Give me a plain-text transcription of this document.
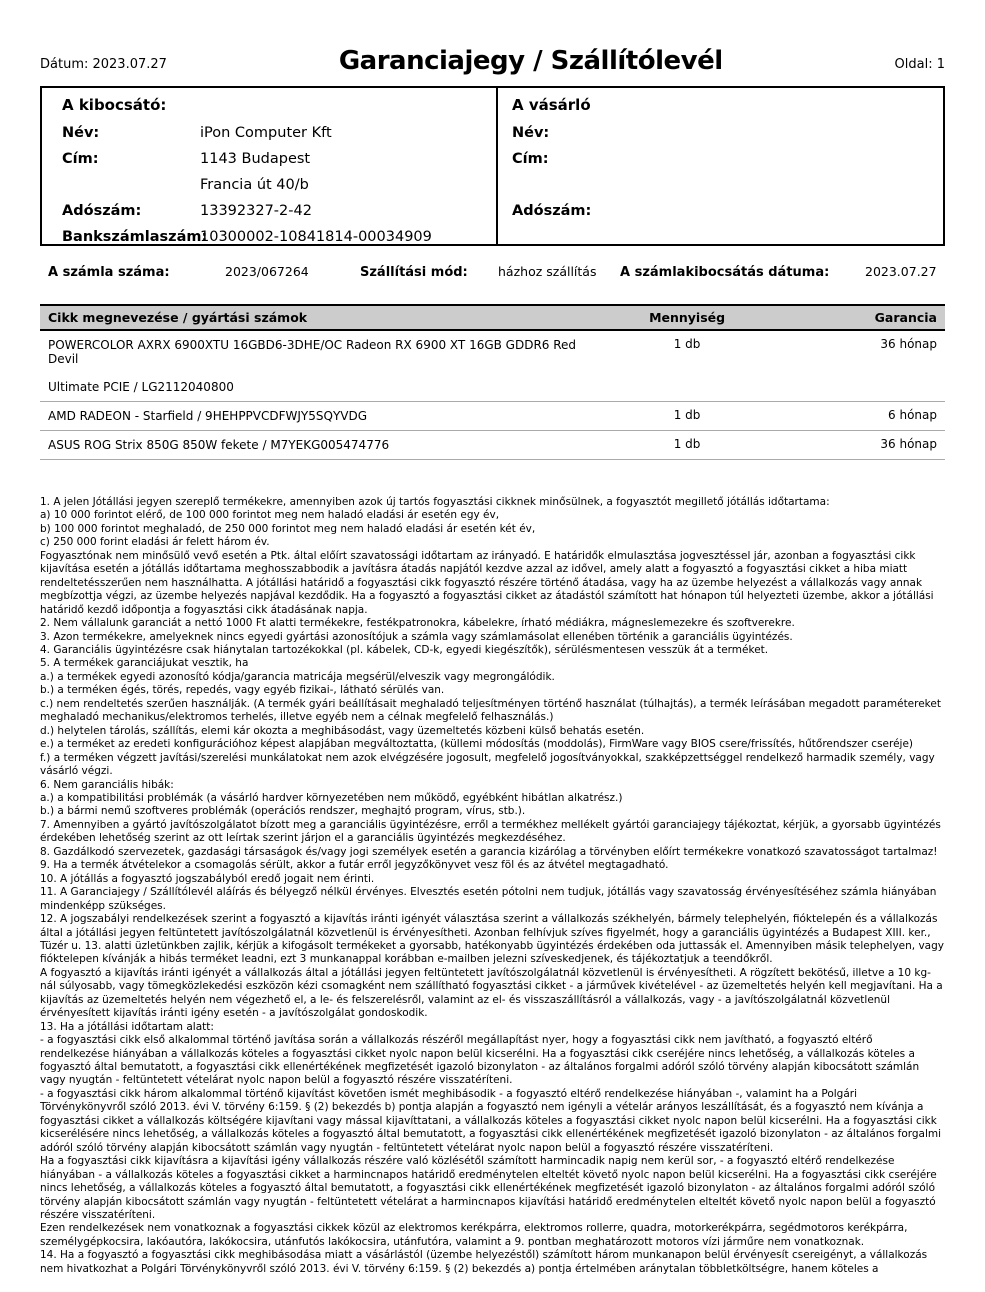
Dátum: 2023.07.27	Garanciajegy / Szállítólevél	Oldal: 1
A kibocsátó:
Név:	iPon Computer Kft
Cím:	1143 Budapest
Francia út 40/b
Adószám:	13392327-2-42
Bankszámlaszám:
10300002-10841814-00034909
A vásárló
Név:
Cím:
Adószám:
A számla száma:	2023/067264	Szállítási mód:	házhoz szállítás	A számlakibocsátás dátuma:	2023.07.27
Cikk megnevezése / gyártási számok	Mennyiség	Garancia

POWERCOLOR AXRX 6900XTU 16GBD6-3DHE/OC Radeon RX 6900 XT 16GB GDDR6 Red Devil
Ultimate PCIE / LG2112040800	1 db	36 hónap

AMD RADEON - Starfield / 9HEHPPVCDFWJY5SQYVDG	1 db	6 hónap

ASUS ROG Strix 850G 850W fekete / M7YEKG005474776	1 db	36 hónap

1. A jelen Jótállási jegyen szereplő termékekre, amennyiben azok új tartós fogyasztási cikknek minősülnek, a fogyasztót megillető jótállás időtartama:

a) 10 000 forintot elérő, de 100 000 forintot meg nem haladó eladási ár esetén egy év,

b) 100 000 forintot meghaladó, de 250 000 forintot meg nem haladó eladási ár esetén két év,

c) 250 000 forint eladási ár felett három év.

Fogyasztónak nem minősülő vevő esetén a Ptk. által előírt szavatossági időtartam az irányadó. E határidők elmulasztása jogvesztéssel jár, azonban a fogyasztási cikk kijavítása esetén a jótállás időtartama meghosszabbodik a javításra átadás napjától kezdve azzal az idővel, amely alatt a fogyasztó a fogyasztási cikket a hiba miatt rendeltetésszerűen nem használhatta. A jótállási határidő a fogyasztási cikk fogyasztó részére történő átadása, vagy ha az üzembe helyezést a vállalkozás vagy annak megbízottja végzi, az üzembe helyezés napjával kezdődik. Ha a fogyasztó a fogyasztási cikket az átadástól számított hat hónapon túl helyezteti üzembe, akkor a jótállási határidő kezdő időpontja a fogyasztási cikk átadásának napja.

2. Nem vállalunk garanciát a nettó 1000 Ft alatti termékekre, festékpatronokra, kábelekre, írható médiákra, mágneslemezekre és szoftverekre.

3. Azon termékekre, amelyeknek nincs egyedi gyártási azonosítójuk a számla vagy számlamásolat ellenében történik a garanciális ügyintézés.

4. Garanciális ügyintézésre csak hiánytalan tartozékokkal (pl. kábelek, CD-k, egyedi kiegészítők), sérülésmentesen vesszük át a terméket.

5. A termékek garanciájukat vesztik, ha

a.) a termékek egyedi azonosító kódja/garancia matricája megsérül/elveszik vagy megrongálódik.

b.) a terméken égés, törés, repedés, vagy egyéb fizikai-, látható sérülés van.

c.) nem rendeltetés szerűen használják. (A termék gyári beállításait meghaladó teljesítményen történő használat (túlhajtás), a termék leírásában megadott paramétereket meghaladó mechanikus/elektromos terhelés, illetve egyéb nem a célnak megfelelő felhasználás.)

d.) helytelen tárolás, szállítás, elemi kár okozta a meghibásodást, vagy üzemeltetés közbeni külső behatás esetén.

e.) a terméket az eredeti konfigurációhoz képest alapjában megváltoztatta, (küllemi módosítás (moddolás), FirmWare vagy BIOS csere/frissítés, hűtőrendszer cseréje)

f.) a terméken végzett javítási/szerelési munkálatokat nem azok elvégzésére jogosult, megfelelő jogosítványokkal, szakképzettséggel rendelkező harmadik személy, vagy vásárló végzi.

6. Nem garanciális hibák:

a.) a kompatibilitási problémák (a vásárló hardver környezetében nem működő, egyébként hibátlan alkatrész.)

b.) a bármi nemű szoftveres problémák (operációs rendszer, meghajtó program, vírus, stb.).

7. Amennyiben a gyártó javítószolgálatot bízott meg a garanciális ügyintézésre, erről a termékhez mellékelt gyártói garanciajegy tájékoztat, kérjük, a gyorsabb ügyintézés érdekében lehetőség szerint az ott leírtak szerint járjon el a garanciális ügyintézés megkezdéséhez.

8. Gazdálkodó szervezetek, gazdasági társaságok és/vagy jogi személyek esetén a garancia kizárólag a törvényben előírt termékekre vonatkozó szavatosságot tartalmaz!

9. Ha a termék átvételekor a csomagolás sérült, akkor a futár erről jegyzőkönyvet vesz föl és az átvétel megtagadható.

10. A jótállás a fogyasztó jogszabályból eredő jogait nem érinti.

11. A Garanciajegy / Szállítólevél aláírás és bélyegző nélkül érvényes. Elvesztés esetén pótolni nem tudjuk, jótállás vagy szavatosság érvényesítéséhez számla hiányában mindenképp szükséges.

12. A jogszabályi rendelkezések szerint a fogyasztó a kijavítás iránti igényét választása szerint a vállalkozás székhelyén, bármely telephelyén, fióktelepén és a vállalkozás által a jótállási jegyen feltüntetett javítószolgálatnál közvetlenül is érvényesítheti. Azonban felhívjuk szíves figyelmét, hogy a garanciális ügyintézés a Budapest XIII. ker., Tüzér u. 13. alatti üzletünkben zajlik, kérjük a kifogásolt termékeket a gyorsabb, hatékonyabb ügyintézés érdekében oda juttassák el. Amennyiben másik telephelyen, vagy fióktelepen kívánják a hibás terméket leadni, ezt 3 munkanappal korábban e-mailben jelezni szíveskedjenek, és tájékoztatjuk a teendőkről.

A fogyasztó a kijavítás iránti igényét a vállalkozás által a jótállási jegyen feltüntetett javítószolgálatnál közvetlenül is érvényesítheti. A rögzített bekötésű, illetve a 10 kg-nál súlyosabb, vagy tömegközlekedési eszközön kézi csomagként nem szállítható fogyasztási cikket - a járművek kivételével - az üzemeltetés helyén kell megjavítani. Ha a kijavítás az üzemeltetés helyén nem végezhető el, a le- és felszerelésről, valamint az el- és visszaszállításról a vállalkozás, vagy - a javítószolgálatnál közvetlenül érvényesített kijavítás iránti igény esetén - a javítószolgálat gondoskodik.

13. Ha a jótállási időtartam alatt:

- a fogyasztási cikk első alkalommal történő javítása során a vállalkozás részéről megállapítást nyer, hogy a fogyasztási cikk nem javítható, a fogyasztó eltérő rendelkezése hiányában a vállalkozás köteles a fogyasztási cikket nyolc napon belül kicserélni. Ha a fogyasztási cikk cseréjére nincs lehetőség, a vállalkozás köteles a fogyasztó által bemutatott, a fogyasztási cikk ellenértékének megfizetését igazoló bizonylaton - az általános forgalmi adóról szóló törvény alapján kibocsátott számlán vagy nyugtán - feltüntetett vételárat nyolc napon belül a fogyasztó részére visszatéríteni.

- a fogyasztási cikk három alkalommal történő kijavítást követően ismét meghibásodik - a fogyasztó eltérő rendelkezése hiányában -, valamint ha a Polgári Törvénykönyvről szóló 2013. évi V. törvény 6:159. § (2) bekezdés b) pontja alapján a fogyasztó nem igényli a vételár arányos leszállítását, és a fogyasztó nem kívánja a fogyasztási cikket a vállalkozás költségére kijavítani vagy mással kijavíttatani, a vállalkozás köteles a fogyasztási cikket nyolc napon belül kicserélni. Ha a fogyasztási cikk kicserélésére nincs lehetőség, a vállalkozás köteles a fogyasztó által bemutatott, a fogyasztási cikk ellenértékének megfizetését igazoló bizonylaton - az általános forgalmi adóról szóló törvény alapján kibocsátott számlán vagy nyugtán - feltüntetett vételárat nyolc napon belül a fogyasztó részére visszatéríteni.

Ha a fogyasztási cikk kijavításra a kijavítási igény vállalkozás részére való közlésétől számított harmincadik napig nem kerül sor, - a fogyasztó eltérő rendelkezése hiányában - a vállalkozás köteles a fogyasztási cikket a harmincnapos határidő eredménytelen elteltét követő nyolc napon belül kicserélni. Ha a fogyasztási cikk cseréjére nincs lehetőség, a vállalkozás köteles a fogyasztó által bemutatott, a fogyasztási cikk ellenértékének megfizetését igazoló bizonylaton - az általános forgalmi adóról szóló törvény alapján kibocsátott számlán vagy nyugtán - feltüntetett vételárat a harmincnapos kijavítási határidő eredménytelen elteltét követő nyolc napon belül a fogyasztó részére visszatéríteni.

Ezen rendelkezések nem vonatkoznak a fogyasztási cikkek közül az elektromos kerékpárra, elektromos rollerre, quadra, motorkerékpárra, segédmotoros kerékpárra, személygépkocsira, lakóautóra, lakókocsira, utánfutós lakókocsira, utánfutóra, valamint a 9. pontban meghatározott motoros vízi járműre nem vonatkoznak.

14. Ha a fogyasztó a fogyasztási cikk meghibásodása miatt a vásárlástól (üzembe helyezéstől) számított három munkanapon belül érvényesít csereigényt, a vállalkozás nem hivatkozhat a Polgári Törvénykönyvről szóló 2013. évi V. törvény 6:159. § (2) bekezdés a) pontja értelmében aránytalan többletköltségre, hanem köteles a
